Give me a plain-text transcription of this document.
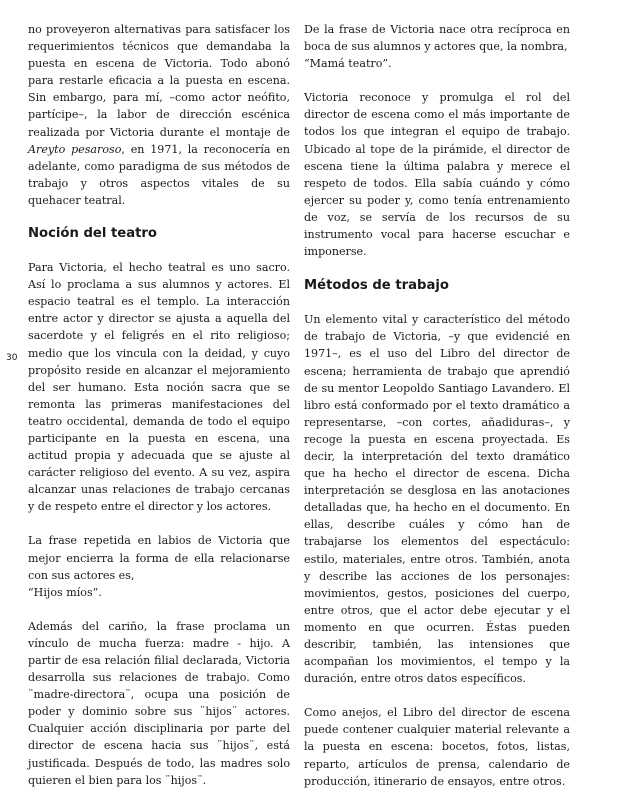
30

no proveyeron alternativas para satisfacer los requerimientos técnicos que demandaba la puesta en escena de Victoria. Todo abonó para restarle eficacia a la puesta en escena. Sin embargo, para mí, –como actor neófito, partícipe–, la labor de dirección escénica realizada por Victoria durante el montaje de Areyto pesaroso, en 1971, la reconocería en adelante, como paradigma de sus métodos de trabajo y otros aspectos vitales de su quehacer teatral.

Noción del teatro

Para Victoria, el hecho teatral es uno sacro. Así lo proclama a sus alumnos y actores. El espacio teatral es el templo. La interacción entre actor y director se ajusta a aquella del sacerdote y el feligrés en el rito religioso; medio que los vincula con la deidad, y cuyo propósito reside en alcanzar el mejoramiento del ser humano. Esta noción sacra que se remonta las primeras manifestaciones del teatro occidental, demanda de todo el equipo participante en la puesta en escena, una actitud propia y adecuada que se ajuste al carácter religioso del evento. A su vez, aspira alcanzar unas relaciones de trabajo cercanas y de respeto entre el director y los actores.

La frase repetida en labios de Victoria que mejor encierra la forma de ella relacionarse con sus actores es,
“Hijos míos”.

Además del cariño, la frase proclama un vínculo de mucha fuerza: madre - hijo. A partir de esa relación filial declarada, Victoria desarrolla sus relaciones de trabajo. Como ¨madre-directora¨, ocupa una posición de poder y dominio sobre sus ¨hijos¨ actores. Cualquier acción disciplinaria por parte del director de escena hacia sus ¨hijos¨, está justificada. Después de todo, las madres solo quieren el bien para los ¨hijos¨.

De la frase de Victoria nace otra recíproca en boca de sus alumnos y actores que, la nombra,
“Mamá teatro”.

Victoria reconoce y promulga el rol del director de escena como el más importante de todos los que integran el equipo de trabajo. Ubicado al tope de la pirámide, el director de escena tiene la última palabra y merece el respeto de todos. Ella sabía cuándo y cómo ejercer su poder y, como tenía entrenamiento de voz, se servía de los recursos de su instrumento vocal para hacerse escuchar e imponerse.

Métodos de trabajo

Un elemento vital y característico del método de trabajo de Victoria, –y que evidencié en 1971–, es el uso del Libro del director de escena; herramienta de trabajo que aprendió de su mentor Leopoldo Santiago Lavandero. El libro está conformado por el texto dramático a representarse, –con cortes, añadiduras–, y recoge la puesta en escena proyectada. Es decir, la interpretación del texto dramático que ha hecho el director de escena. Dicha interpretación se desglosa en las anotaciones detalladas que, ha hecho en el documento. En ellas, describe cuáles y cómo han de trabajarse los elementos del espectáculo: estilo, materiales, entre otros. También, anota y describe las acciones de los personajes: movimientos, gestos, posiciones del cuerpo, entre otros, que el actor debe ejecutar y el momento en que ocurren. Éstas pueden describir, también, las intensiones que acompañan los movimientos, el tempo y la duración, entre otros datos específicos.

Como anejos, el Libro del director de escena puede contener cualquier material relevante a la puesta en escena: bocetos, fotos, listas, reparto, artículos de prensa, calendario de producción, itinerario de ensayos, entre otros.
